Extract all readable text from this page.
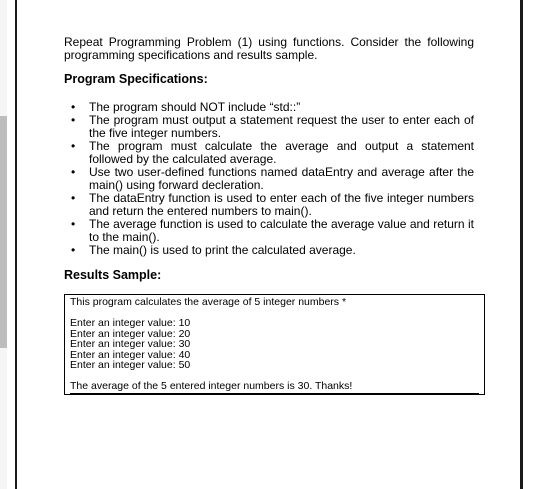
Repeat Programming Problem (1) using functions. Consider the following programming specifications and results sample.

Program Specifications:

• The program should NOT include “std::”
• The program must output a statement request the user to enter each of the five integer numbers.
• The program must calculate the average and output a statement followed by the calculated average.
• Use two user-defined functions named dataEntry and average after the main() using forward decleration.
• The dataEntry function is used to enter each of the five integer numbers and return the entered numbers to main().
• The average function is used to calculate the average value and return it to the main().
• The main() is used to print the calculated average.

Results Sample:

This program calculates the average of 5 integer numbers *
Enter an integer value: 10
Enter an integer value: 20
Enter an integer value: 30
Enter an integer value: 40
Enter an integer value: 50
The average of the 5 entered integer numbers is 30. Thanks!
